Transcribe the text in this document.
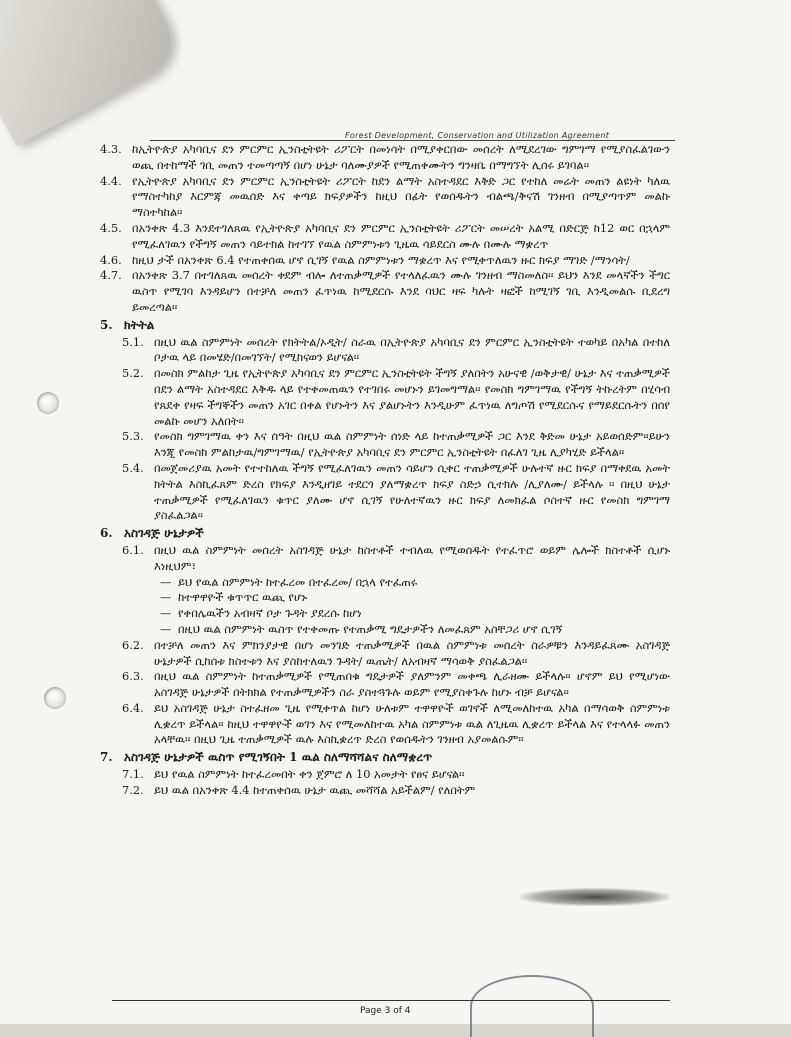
Forest Development, Conservation and Utilization Agreement
4.3. ከኢትዮጵያ አካባቢና ደን ምርምር ኢንስቲትዩት ሪፖርት በመነሳት በሚያቀርበው መሰረት ለሚደረገው ግምገማ የሚያስፈልገውን ወጪ በተከማች ገቢ መጠን ተመጣጣኝ በሆነ ሁኔታ ባለሙያዎች የሚጠቀሙትን ግንዛቤ በማግኘት ሊሰሩ ይገባል፡፡
4.4. የኢትዮጵያ አካባቢና ደን ምርምር ኢንስቲትዩት ሪፖርት ከደን ልማት አስተዳደር እቅድ ጋር የተከለ መሬት መጠን ልዩነት ካለዉ የማስተካከያ እርምጃ መዉሰድ እና ቀጣይ ክፍያዎችን ከዚህ በፊት የወሰዱትን ብልጫ/ቅናሽ ገንዘብ በሚያጣጥም መልኩ ማስተካከል፡፡
4.5. በአንቀጽ 4.3 እንደተገለጸዉ የኢትዮጵያ አካባቢና ደን ምርምር ኢንስቲትዩት ሪፖርት መሠረት አልሚ በድርጅ ከ12 ወር በኋላም የሚፈለገዉን የችግኝ መጠን ሳይተክል ከተገኘ የዉል ስምምነቱን ጊዜዉ ሳይደርስ ሙሉ በሙሉ ማቋረጥ
4.6. ከዚህ ታች በአንቀጽ 6.4 የተጠቀሰዉ ሆኖ ሲገኝ የዉል ስምምነቱን ማቋረጥ እና የሚቀጥለዉን ዙር ክፍያ ማገድ /ማንሳት/
4.7. በአንቀጽ 3.7 በተገለጸዉ መሰረት ቀደም ብሎ ለተጠቃሚዎች የተላለፈዉን ሙሉ ገንዘብ ማስመለስ፡፡ ይህን እንደ መላኛችን ችግር ዉስጥ የሚገባ እንዳይሆን በተቻለ መጠን ፈጥነዉ ከሚደርሱ እንደ ባህር ዛፍ ካሉት ዛፎች ከሚገኝ ገቢ እንዲመልሱ ቢደረግ ይመረጣል፡፡
5. ክትትል
5.1. በዚህ ዉል ስምምነት መሰረት የክትትል/ኦዲት/ ስራዉ በኢትዮጵያ አካባቢና ደን ምርምር ኢንስቲትዩት ተወካይ በአካል በተከለ ቦታዉ ላይ በመሄድ/በመገኘት/ የሚከናወን ይሆናል፡፡
5.2. በመስክ ምልከታ ጊዜ የኢትዮጵያ አካባቢና ደን ምርምር ኢንስቲትዩት ችግኝ ያለበትን አሁናዊ /ወቅታዊ/ ሁኔታ እና ተጠቃሚዎች በደን ልማት አስተዳደር እቅዱ ላይ የተቀመጠዉን የተገበሩ መሆኑን ይገመግማል፡፡ የመስክ ግምገማዉ የችግኝ ትኩረትም በሂሳብ የጸደቀ የዛፍ ችግኞችን መጠን አገር በቀል የሆኑትን እና ያልሆኑትን እንዲሁም ፈጥነዉ ለግጦሽ የሚደርሱና የማይደርሱትን በሰየ መልኩ መሆን አለበት፡፡
5.3. የመስክ ግምገማዉ ቀን እና ሰዓት በዚህ ዉል ስምምነት ሰነድ ላይ ከተጠቃሚዎች ጋር እንደ ቅድመ ሁኔታ አይወሰድም፡፡ይሁን እንጂ የመስክ ምልከታዉ/ግምገማዉ/ የኢትዮጵያ አካባቢና ደን ምርምር ኢንስቲትዩት በፈለገ ጊዜ ሊያካሂድ ይችላል፡፡
5.4. በመጀመሪያዉ አመት የተተከለዉ ችግኝ የሚፈለገዉን መጠን ሳይሆን ሲቀር ተጠቃሚዎች ሁሉተኛ ዙር ክፍያ በማቀደዉ አመት ክትትል እስኪፈጸም ድረስ የክፍያ እንዲዘገይ ተደርጎ ያለማቋረጥ ክፍያ ስድኃ ሲተክሉ /ሊያለሙ/ ይችላሉ ፡፡ በዚህ ሁኔታ ተጠቃሚዎች የሚፈለገዉን ቁጥር ያለሙ ሆኖ ሲገኝ የሁለተኛዉን ዙር ክፍያ ለመክፈል ሶስተኛ ዙር የመስክ ግምገማ ያስፈልጋል፡፡
6. አስገዳጅ ሁኔታዎች
6.1. በዚህ ዉል ስምምነት መሰረት አስገዳጅ ሁኔታ ከስተቶች ተብለዉ የሚወሰዱት የተፈጥሮ ወይም ሌሎች ክስተቶች ሲሆኑ እነዚህም፣
— ይህ የዉል ስምምነት ከተፈረመ በተፈረመ/ በኋላ የተፈጠሩ
— ከተዋዋዮች ቁጥጥር ዉጪ የሆኑ
— የቀበሌዉችን አብዛኛ ቦታ ጉዳት ያደረሱ ከሆነ
— በዚህ ዉል ስምምነት ዉስጥ የተቀመጡ የተጠቃሚ ግዴታዎችን ለመፈጸም አስቸጋሪ ሆኖ ሲገኝ
6.2. በተቻለ መጠን እና ምክንያታዊ በሆነ መንገድ ተጠቃሚዎች በዉል ስምምነቱ መሰረት ስራዎቹን እንዳይፈጸሙ አስገዳጅ ሁኔታዎች ሲከሰቱ ክስተቱን እና ያስከተለዉን ጉዳት/ ዉጤት/ ለአብዛኛ ማሳወቅ ያስፈልጋል፡፡
6.3. በዚህ ዉል ስምምነት ከተጠቃሚዎች የሚጠበቁ ግዴታዎች ያለምንም መቀጫ ሊራዘሙ ይችላሉ፡፡ ሆኖም ይህ የሚሆነው አስገዳጅ ሁኔታዎች በትክክል የተጠቃሚዎችን ስራ ያስተጓጉሉ ወይም የሚያስቀጉሉ ከሆኑ ብቻ ይሆናል፡፡
6.4. ይህ አስገዳጅ ሁኔታ ስተፈዘመ ጊዜ የሚቀጥል ከሆነ ሁለቱም ተዋዋዮች ወገኖች ለሚመለከተዉ አካል በማሳወቅ ስምምነቱ ሊቋረጥ ይችላል፡፡ ከዚህ ተዋዋዮች ወገን እና የሚመለከተዉ አካል ስምምነቱ ዉል ለጊዜዉ ሊቋረጥ ይችላል እና የተላላፉ መጠን አላቸዉ፡፡ በዚህ ጊዜ ተጠቃሚዎች ዉሉ እስኪቋረጥ ድረስ የወሰዱትን ገንዘብ አያመልሱም፡፡
7. አስገዳጅ ሁኔታዎች ዉስጥ የሚገኝበት 1 ዉል ስለማሻሻልና ስለማቋረጥ
7.1. ይህ የዉል ስምምነት ከተፈረመበት ቀን ጀምሮ ለ 10 አመታት የፀና ይሆናል፡፡
7.2. ይህ ዉል በአንቀጽ 4.4 ከተጠቀሰዉ ሁኔታ ዉጪ መሻሻል አይችልም/ የለበትም
Page 3 of 4
